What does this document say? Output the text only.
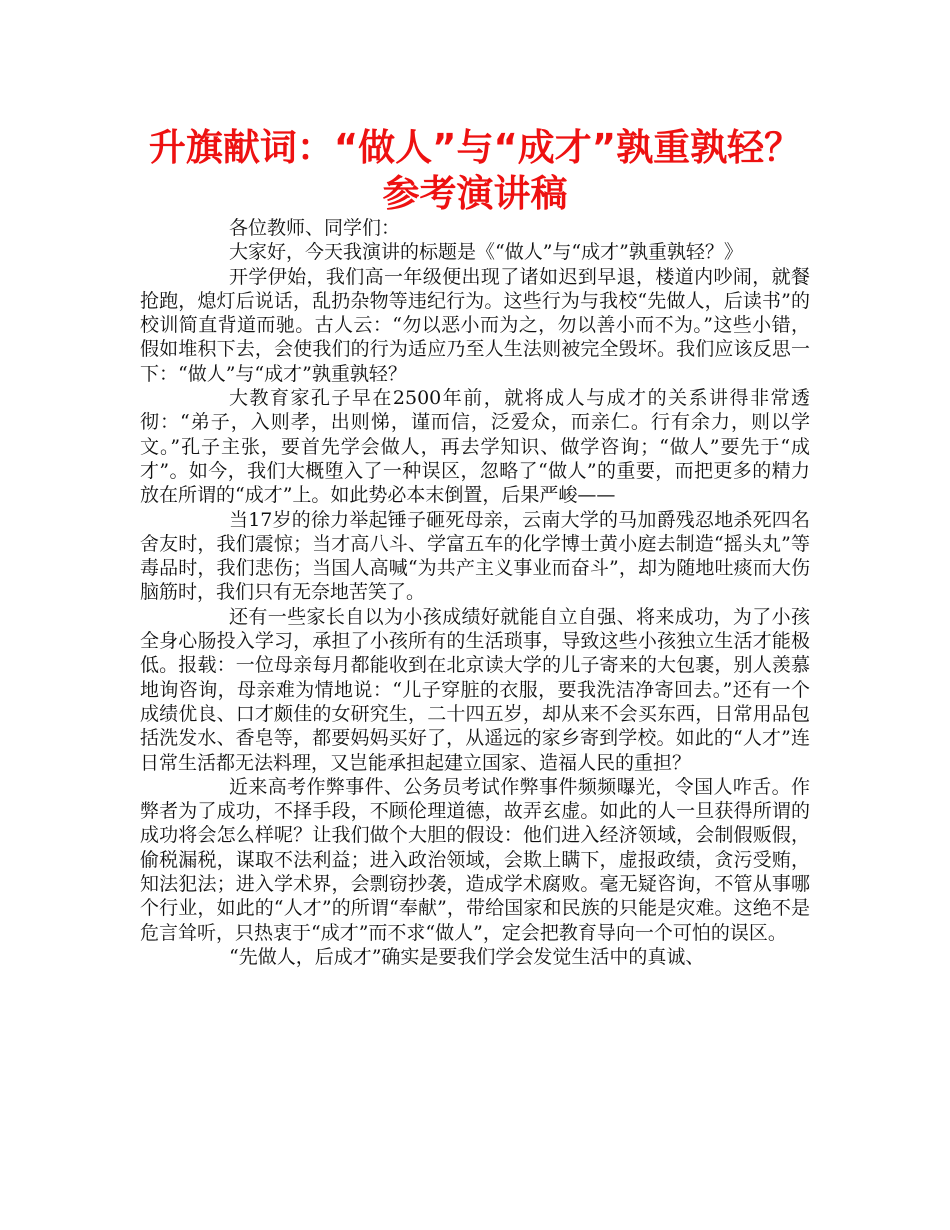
升旗献词：“做人”与“成才”孰重孰轻？
参考演讲稿

各位教师、同学们：

大家好，今天我演讲的标题是《“做人”与“成才”孰重孰轻？》

开学伊始，我们高一年级便出现了诸如迟到早退，楼道内吵闹，就餐抢跑，熄灯后说话，乱扔杂物等违纪行为。这些行为与我校“先做人，后读书”的校训简直背道而驰。古人云：“勿以恶小而为之，勿以善小而不为。”这些小错，假如堆积下去，会使我们的行为适应乃至人生法则被完全毁坏。我们应该反思一下：“做人”与“成才”孰重孰轻？

大教育家孔子早在2500年前，就将成人与成才的关系讲得非常透彻：“弟子，入则孝，出则悌，谨而信，泛爱众，而亲仁。行有余力，则以学文。”孔子主张，要首先学会做人，再去学知识、做学咨询；“做人”要先于“成才”。如今，我们大概堕入了一种误区，忽略了“做人”的重要，而把更多的精力放在所谓的“成才”上。如此势必本末倒置，后果严峻——

当17岁的徐力举起锤子砸死母亲，云南大学的马加爵残忍地杀死四名舍友时，我们震惊；当才高八斗、学富五车的化学博士黄小庭去制造“摇头丸”等毒品时，我们悲伤；当国人高喊“为共产主义事业而奋斗”，却为随地吐痰而大伤脑筋时，我们只有无奈地苦笑了。

还有一些家长自以为小孩成绩好就能自立自强、将来成功，为了小孩全身心肠投入学习，承担了小孩所有的生活琐事，导致这些小孩独立生活才能极低。报载：一位母亲每月都能收到在北京读大学的儿子寄来的大包裹，别人羡慕地询咨询，母亲难为情地说：“儿子穿脏的衣服，要我洗洁净寄回去。”还有一个成绩优良、口才颇佳的女研究生，二十四五岁，却从来不会买东西，日常用品包括洗发水、香皂等，都要妈妈买好了，从遥远的家乡寄到学校。如此的“人才”连日常生活都无法料理，又岂能承担起建立国家、造福人民的重担？

近来高考作弊事件、公务员考试作弊事件频频曝光，令国人咋舌。作弊者为了成功，不择手段，不顾伦理道德，故弄玄虚。如此的人一旦获得所谓的成功将会怎么样呢？让我们做个大胆的假设：他们进入经济领域，会制假贩假，偷税漏税，谋取不法利益；进入政治领域，会欺上瞒下，虚报政绩，贪污受贿，知法犯法；进入学术界，会剽窃抄袭，造成学术腐败。毫无疑咨询，不管从事哪个行业，如此的“人才”的所谓“奉献”，带给国家和民族的只能是灾难。这绝不是危言耸听，只热衷于“成才”而不求“做人”，定会把教育导向一个可怕的误区。

“先做人，后成才”确实是要我们学会发觉生活中的真诚、
